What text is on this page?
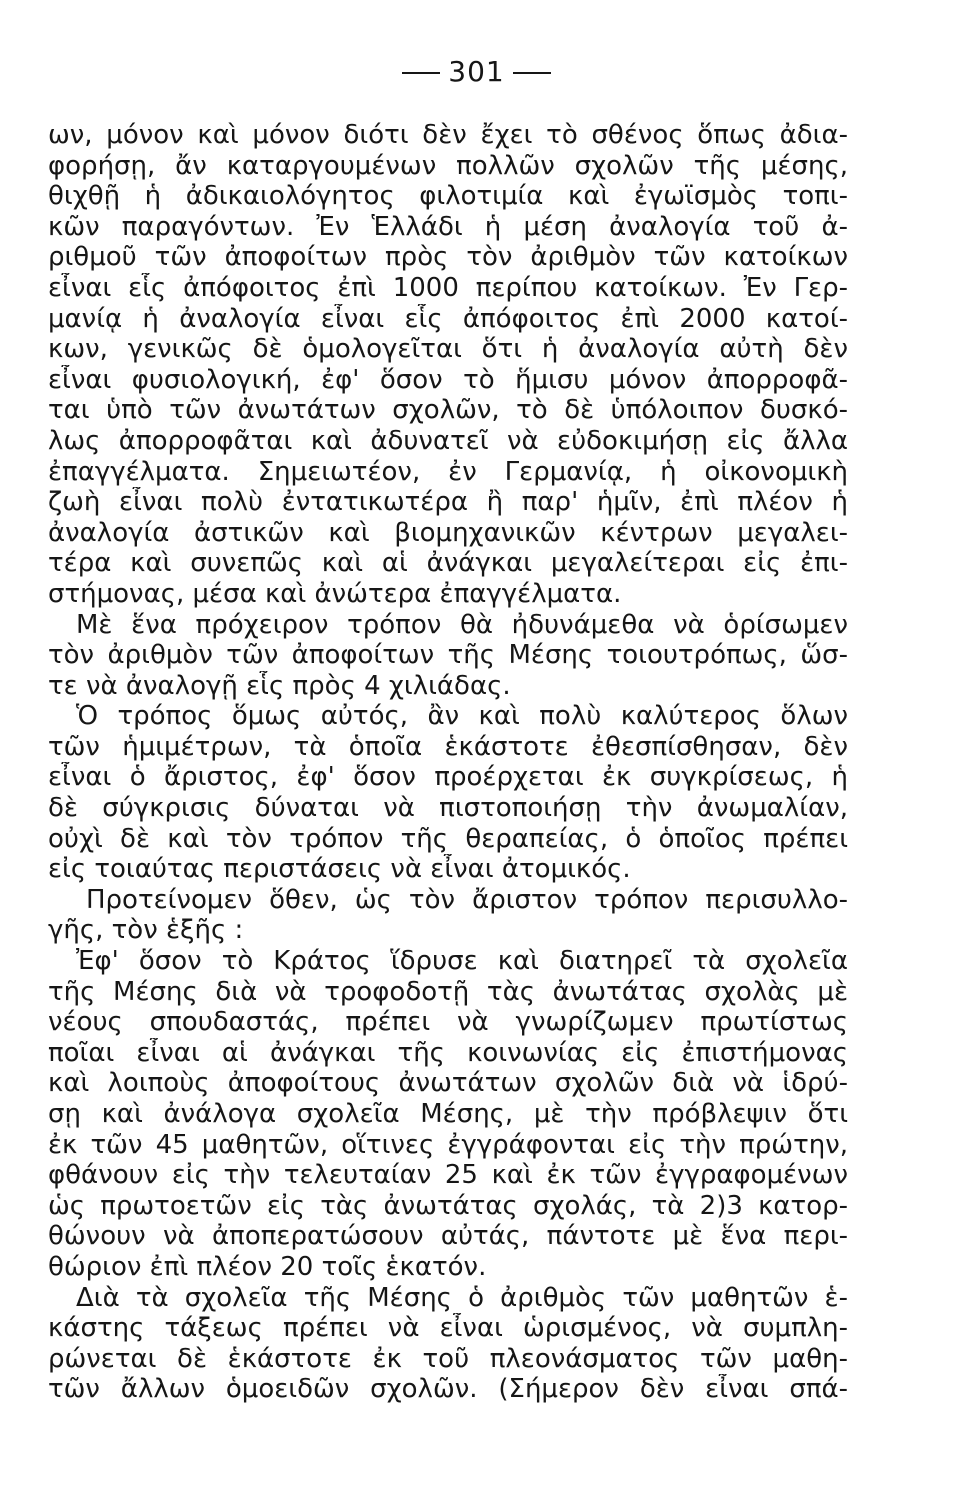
301
ων, μόνον καὶ μόνον διότι δὲν ἔχει τὸ σθένος ὅπως ἀδια-
φορήσῃ, ἄν καταργουμένων πολλῶν σχολῶν τῆς μέσης,
θιχθῇ ἡ ἀδικαιολόγητος φιλοτιμία καὶ ἐγωϊσμὸς τοπι-
κῶν παραγόντων. Ἐν Ἑλλάδι ἡ μέση ἀναλογία τοῦ ἀ-
ριθμοῦ τῶν ἀποφοίτων πρὸς τὸν ἀριθμὸν τῶν κατοίκων
εἶναι εἷς ἀπόφοιτος ἐπὶ 1000 περίπου κατοίκων. Ἐν Γερ-
μανίᾳ ἡ ἀναλογία εἶναι εἷς ἀπόφοιτος ἐπὶ 2000 κατοί-
κων, γενικῶς δὲ ὁμολογεῖται ὅτι ἡ ἀναλογία αὐτὴ δὲν
εἶναι φυσιολογική, ἐφ' ὅσον τὸ ἥμισυ μόνον ἀπορροφᾶ-
ται ὑπὸ τῶν ἀνωτάτων σχολῶν, τὸ δὲ ὑπόλοιπον δυσκό-
λως ἀπορροφᾶται καὶ ἀδυνατεῖ νὰ εὐδοκιμήσῃ εἰς ἄλλα
ἐπαγγέλματα. Σημειωτέον, ἐν Γερμανίᾳ, ἡ οἰκονομικὴ
ζωὴ εἶναι πολὺ ἐντατικωτέρα ἢ παρ' ἡμῖν, ἐπὶ πλέον ἡ
ἀναλογία ἀστικῶν καὶ βιομηχανικῶν κέντρων μεγαλει-
τέρα καὶ συνεπῶς καὶ αἱ ἀνάγκαι μεγαλείτεραι εἰς ἐπι-
στήμονας, μέσα καὶ ἀνώτερα ἐπαγγέλματα.
Μὲ ἕνα πρόχειρον τρόπον θὰ ἠδυνάμεθα νὰ ὁρίσωμεν
τὸν ἀριθμὸν τῶν ἀποφοίτων τῆς Μέσης τοιουτρόπως, ὥσ-
τε νὰ ἀναλογῇ εἷς πρὸς 4 χιλιάδας.
Ὁ τρόπος ὅμως αὐτός, ἂν καὶ πολὺ καλύτερος ὅλων
τῶν ἡμιμέτρων, τὰ ὁποῖα ἑκάστοτε ἐθεσπίσθησαν, δὲν
εἶναι ὁ ἄριστος, ἐφ' ὅσον προέρχεται ἐκ συγκρίσεως, ἡ
δὲ σύγκρισις δύναται νὰ πιστοποιήσῃ τὴν ἀνωμαλίαν,
οὐχὶ δὲ καὶ τὸν τρόπον τῆς θεραπείας, ὁ ὁποῖος πρέπει
εἰς τοιαύτας περιστάσεις νὰ εἶναι ἀτομικός.
Προτείνομεν ὅθεν, ὡς τὸν ἄριστον τρόπον περισυλλο-
γῆς, τὸν ἑξῆς :
Ἐφ' ὅσον τὸ Κράτος ἵδρυσε καὶ διατηρεῖ τὰ σχολεῖα
τῆς Μέσης διὰ νὰ τροφοδοτῇ τὰς ἀνωτάτας σχολὰς μὲ
νέους σπουδαστάς, πρέπει νὰ γνωρίζωμεν πρωτίστως
ποῖαι εἶναι αἱ ἀνάγκαι τῆς κοινωνίας εἰς ἐπιστήμονας
καὶ λοιποὺς ἀποφοίτους ἀνωτάτων σχολῶν διὰ νὰ ἱδρύ-
σῃ καὶ ἀνάλογα σχολεῖα Μέσης, μὲ τὴν πρόβλεψιν ὅτι
ἐκ τῶν 45 μαθητῶν, οἵτινες ἐγγράφονται εἰς τὴν πρώτην,
φθάνουν εἰς τὴν τελευταίαν 25 καὶ ἐκ τῶν ἐγγραφομένων
ὡς πρωτοετῶν εἰς τὰς ἀνωτάτας σχολάς, τὰ 2)3 κατορ-
θώνουν νὰ ἀποπερατώσουν αὐτάς, πάντοτε μὲ ἕνα περι-
θώριον ἐπὶ πλέον 20 τοῖς ἑκατόν.
Διὰ τὰ σχολεῖα τῆς Μέσης ὁ ἀριθμὸς τῶν μαθητῶν ἑ-
κάστης τάξεως πρέπει νὰ εἶναι ὡρισμένος, νὰ συμπλη-
ρώνεται δὲ ἑκάστοτε ἐκ τοῦ πλεονάσματος τῶν μαθη-
τῶν ἄλλων ὁμοειδῶν σχολῶν. (Σήμερον δὲν εἶναι σπά-
